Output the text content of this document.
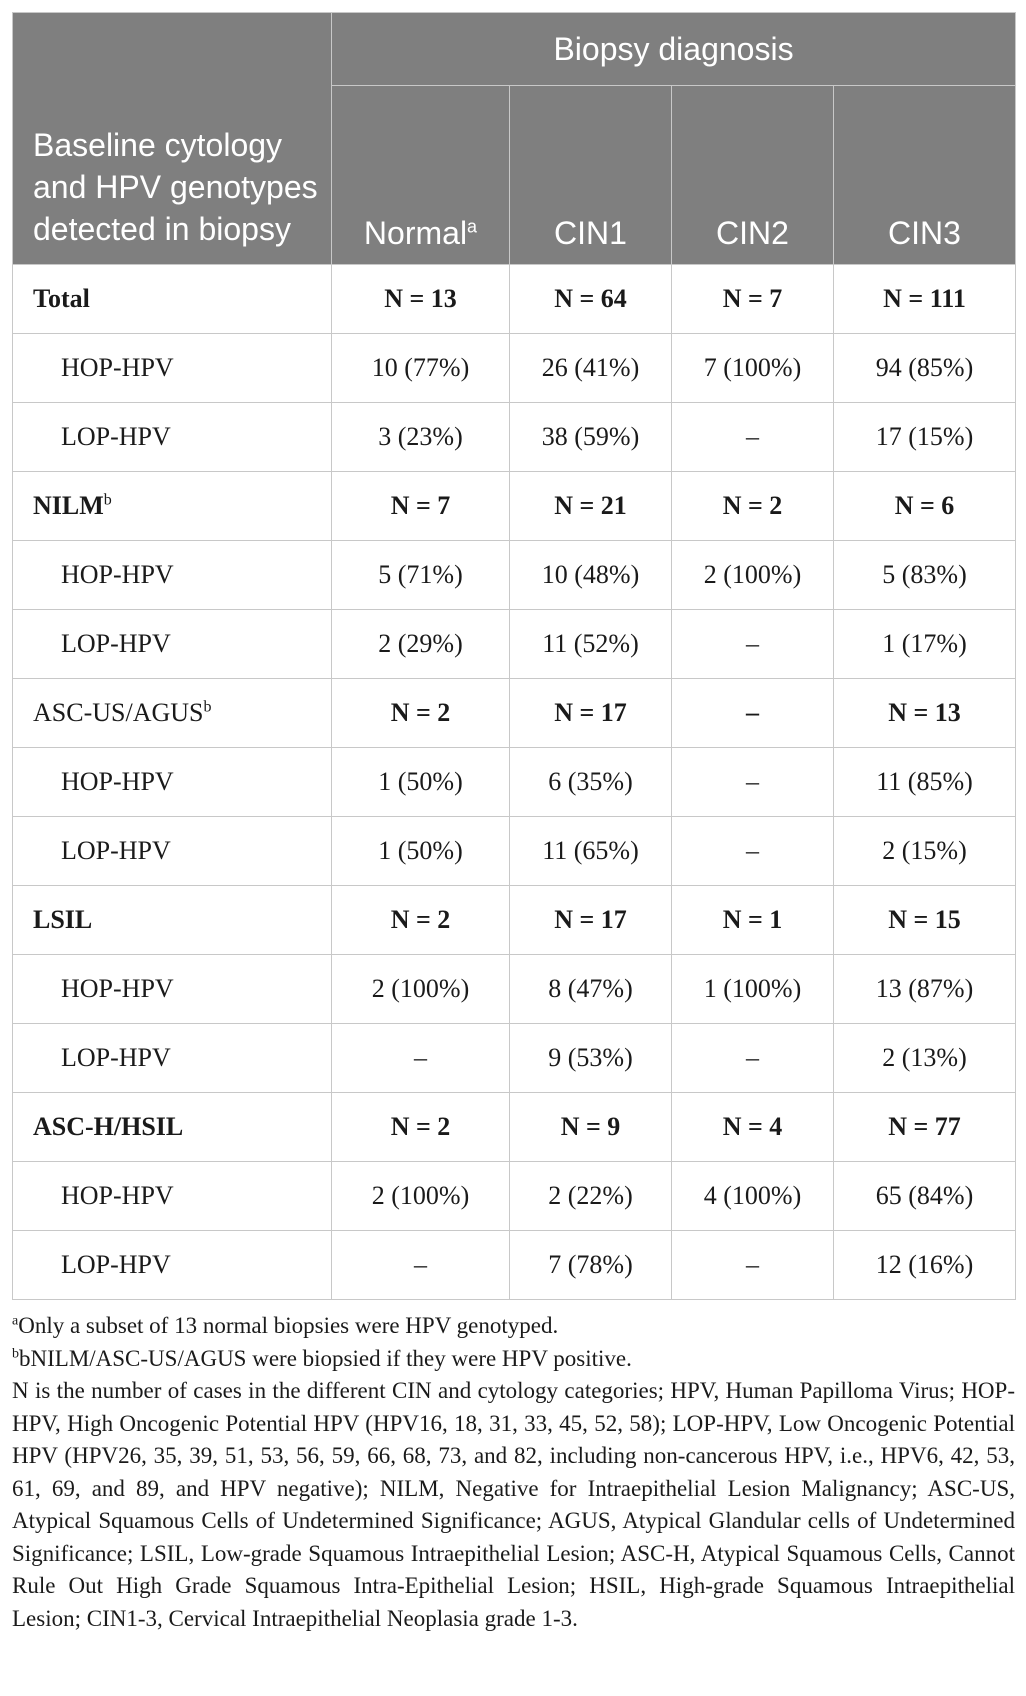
Baseline cytology and HPV genotypes detected in biopsy	Biopsy diagnosis			
	Normal$^a$	CIN1	CIN2	CIN3
Total	N = 13	N = 64	N = 7	N = 111
HOP-HPV	10 (77%)	26 (41%)	7 (100%)	94 (85%)
LOP-HPV	3 (23%)	38 (59%)	–	17 (15%)
NILM$^b$	N = 7	N = 21	N = 2	N = 6
HOP-HPV	5 (71%)	10 (48%)	2 (100%)	5 (83%)
LOP-HPV	2 (29%)	11 (52%)	–	1 (17%)
ASC-US/AGUS$^b$	N = 2	N = 17	–	N = 13
HOP-HPV	1 (50%)	6 (35%)	–	11 (85%)
LOP-HPV	1 (50%)	11 (65%)	–	2 (15%)
LSIL	N = 2	N = 17	N = 1	N = 15
HOP-HPV	2 (100%)	8 (47%)	1 (100%)	13 (87%)
LOP-HPV	–	9 (53%)	–	2 (13%)
ASC-H/HSIL	N = 2	N = 9	N = 4	N = 77
HOP-HPV	2 (100%)	2 (22%)	4 (100%)	65 (84%)
LOP-HPV	–	7 (78%)	–	12 (16%)

$^a$Only a subset of 13 normal biopsies were HPV genotyped.

$^b$bNILM/ASC-US/AGUS were biopsied if they were HPV positive.

N is the number of cases in the different CIN and cytology categories; HPV, Human Papilloma Virus; HOP-HPV, High Oncogenic Potential HPV (HPV16, 18, 31, 33, 45, 52, 58); LOP-HPV, Low Oncogenic Potential HPV (HPV26, 35, 39, 51, 53, 56, 59, 66, 68, 73, and 82, including non-cancerous HPV, i.e., HPV6, 42, 53, 61, 69, and 89, and HPV negative); NILM, Negative for Intraepithelial Lesion Malignancy; ASC-US, Atypical Squamous Cells of Undetermined Significance; AGUS, Atypical Glandular cells of Undetermined Significance; LSIL, Low-grade Squamous Intraepithelial Lesion; ASC-H, Atypical Squamous Cells, Cannot Rule Out High Grade Squamous Intra-Epithelial Lesion; HSIL, High-grade Squamous Intraepithelial Lesion; CIN1-3, Cervical Intraepithelial Neoplasia grade 1-3.
